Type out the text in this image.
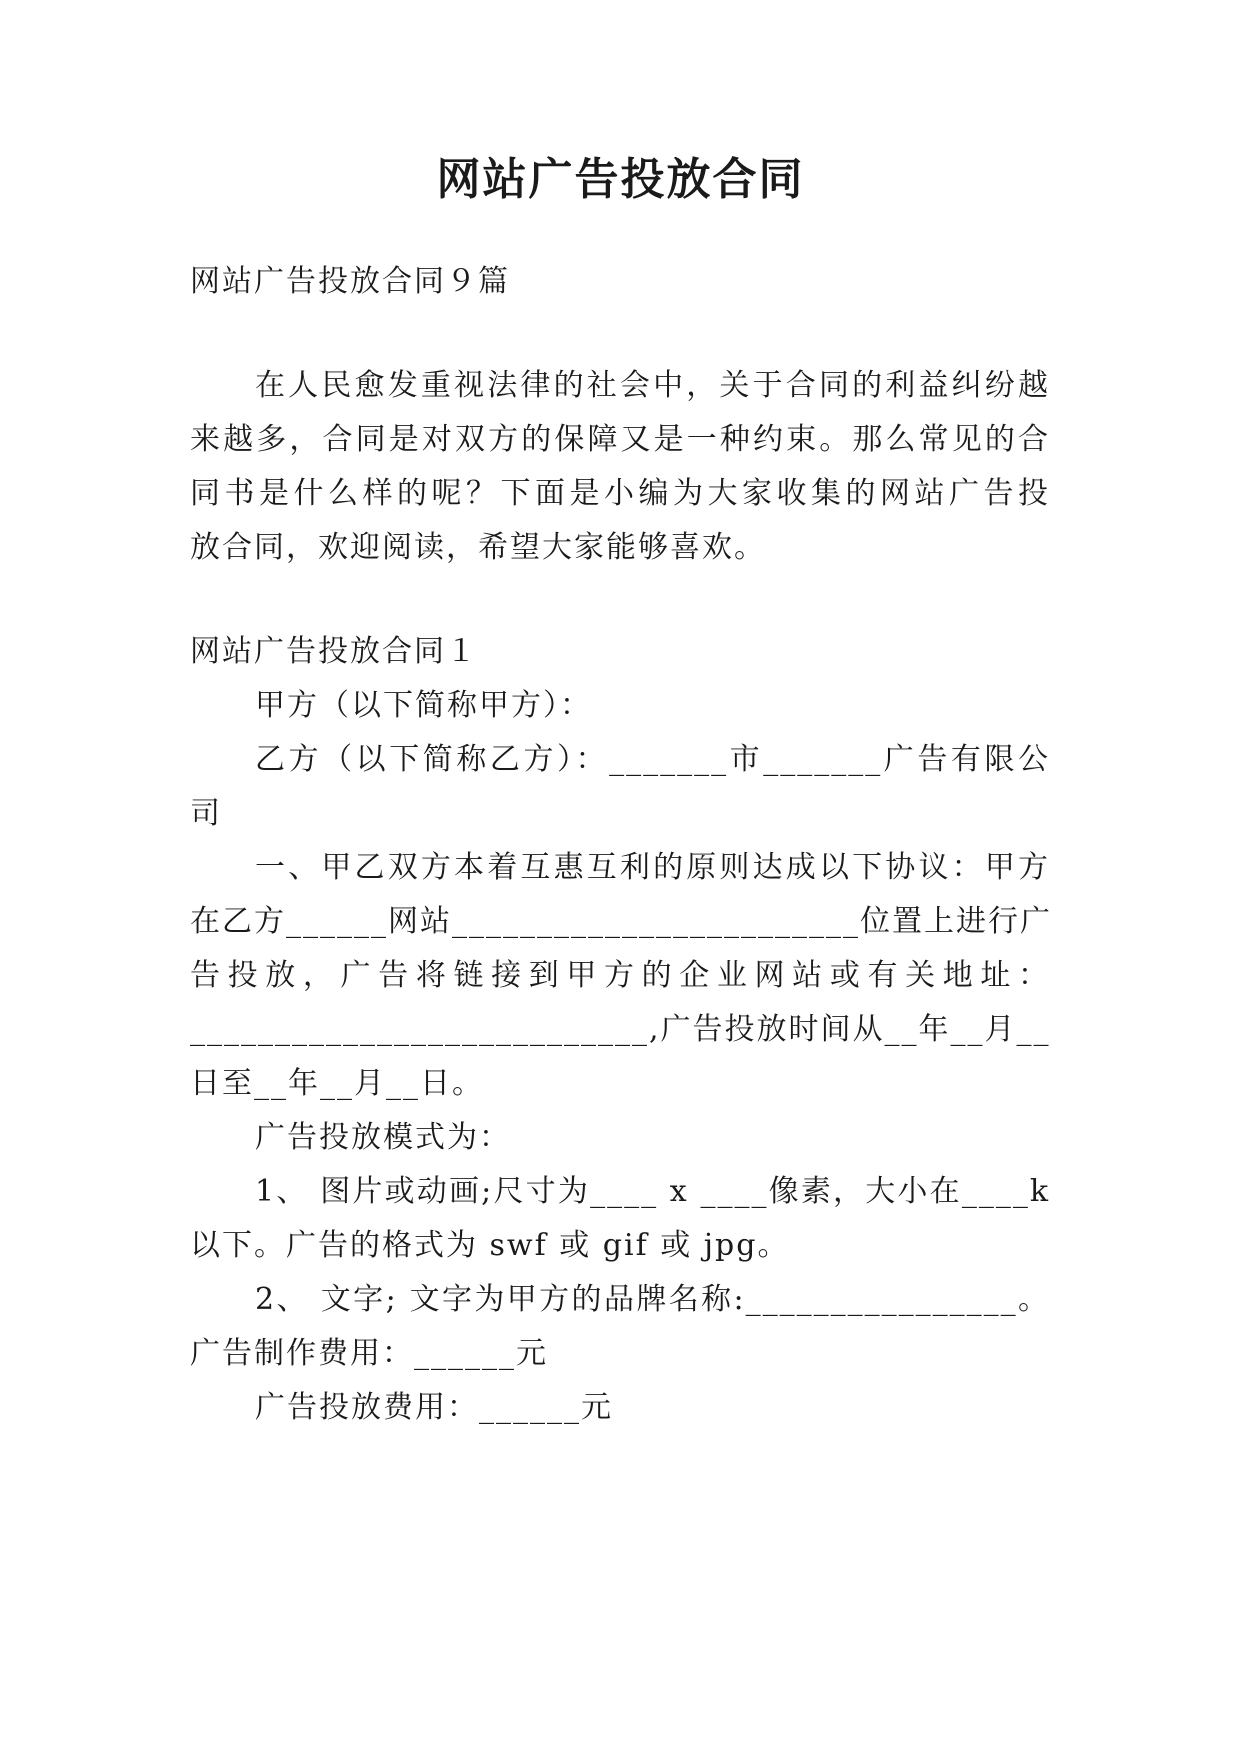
网站广告投放合同
网站广告投放合同９篇
在人民愈发重视法律的社会中，关于合同的利益纠纷越
来越多，合同是对双方的保障又是一种约束。那么常见的合
同书是什么样的呢？下面是小编为大家收集的网站广告投
放合同，欢迎阅读，希望大家能够喜欢。
网站广告投放合同１
甲方（以下简称甲方）：
乙方（以下简称乙方）：_______市_______广告有限公
司
一、甲乙双方本着互惠互利的原则达成以下协议：甲方
在乙方______网站________________________位置上进行广
告投放，广告将链接到甲方的企业网站或有关地址：
___________________________,广告投放时间从__年__月__
日至__年__月__日。
广告投放模式为：
1、 图片或动画;尺寸为____ x ____像素，大小在____k
以下。广告的格式为 swf 或 gif 或 jpg。
2、 文字; 文字为甲方的品牌名称:________________。
广告制作费用：______元
广告投放费用：______元
